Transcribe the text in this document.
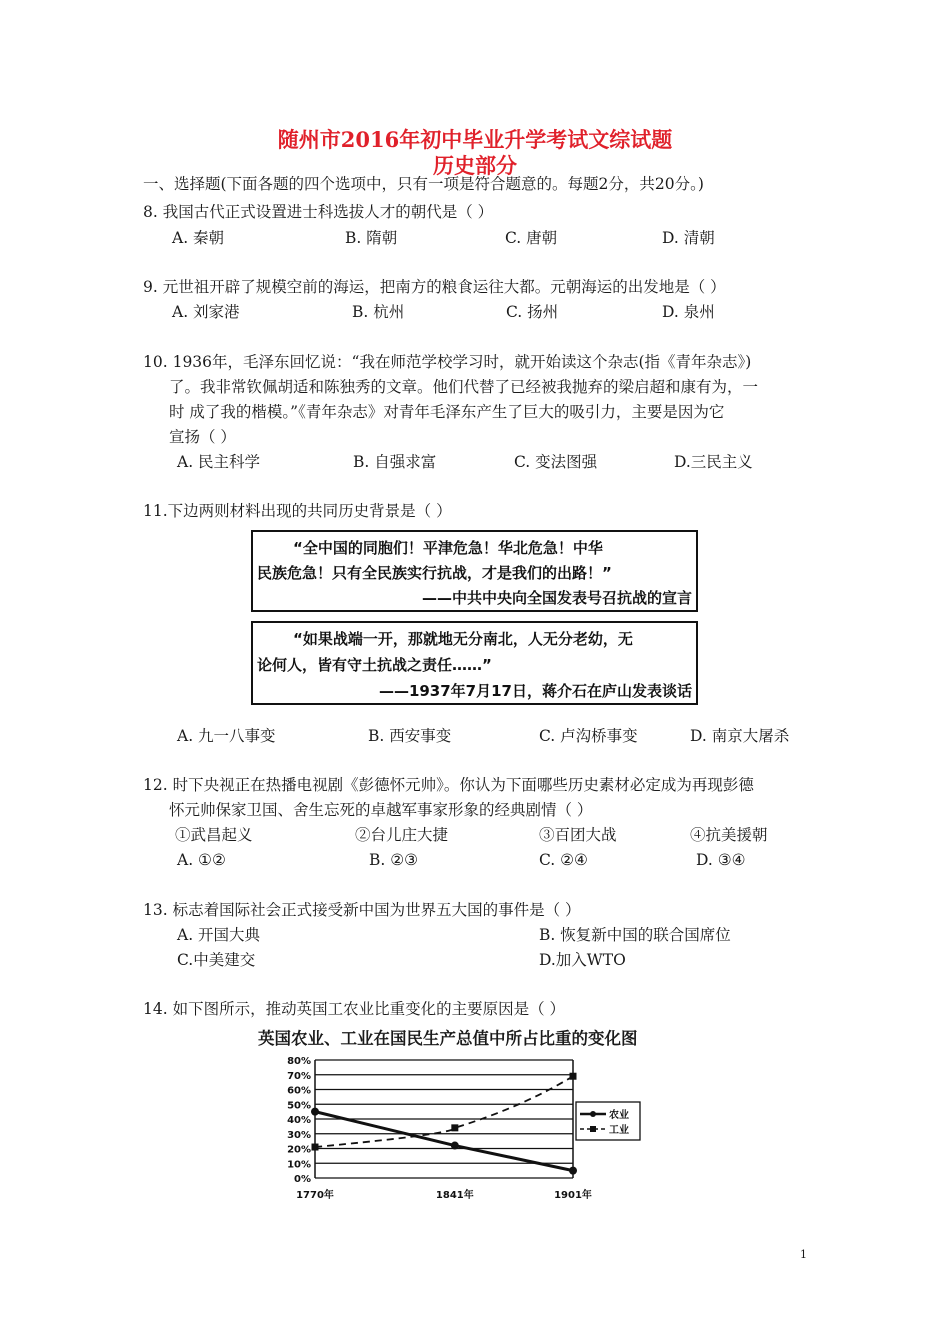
随州市2016年初中毕业升学考试文综试题
历史部分
一、选择题(下面各题的四个选项中，只有一项是符合题意的。每题2分，共20分。)
8. 我国古代正式设置进士科选拔人才的朝代是（ ）
A. 秦朝	B. 隋朝	C. 唐朝	D. 清朝
9. 元世祖开辟了规模空前的海运，把南方的粮食运往大都。元朝海运的出发地是（ ）
A. 刘家港	B. 杭州	C. 扬州	D. 泉州
10. 1936年，毛泽东回忆说：“我在师范学校学习时，就开始读这个杂志(指《青年杂志》)
了。我非常钦佩胡适和陈独秀的文章。他们代替了已经被我抛弃的梁启超和康有为，一
时 成了我的楷模。”《青年杂志》对青年毛泽东产生了巨大的吸引力，主要是因为它
宣扬（ ）
A. 民主科学	B. 自强求富	C. 变法图强	D.三民主义
11.下边两则材料出现的共同历史背景是（ ）
“全中国的同胞们！平津危急！华北危急！中华
民族危急！只有全民族实行抗战，才是我们的出路！”
——中共中央向全国发表号召抗战的宣言
“如果战端一开，那就地无分南北，人无分老幼，无
论何人，皆有守土抗战之责任……”
——1937年7月17日，蒋介石在庐山发表谈话
A. 九一八事变	B. 西安事变	C. 卢沟桥事变	D. 南京大屠杀
12. 时下央视正在热播电视剧《彭德怀元帅》。你认为下面哪些历史素材必定成为再现彭德
怀元帅保家卫国、舍生忘死的卓越军事家形象的经典剧情（ ）
①武昌起义	②台儿庄大捷	③百团大战	④抗美援朝
A. ①②	B. ②③	C. ②④	D. ③④
13. 标志着国际社会正式接受新中国为世界五大国的事件是（ ）
A. 开国大典	B. 恢复新中国的联合国席位
C.中美建交	D.加入WTO
14. 如下图所示，推动英国工农业比重变化的主要原因是（ ）
英国农业、工业在国民生产总值中所占比重的变化图
0%
10%
20%
30%
40%
50%
60%
70%
80%
1770年	1841年	1901年
农业
工业
1
